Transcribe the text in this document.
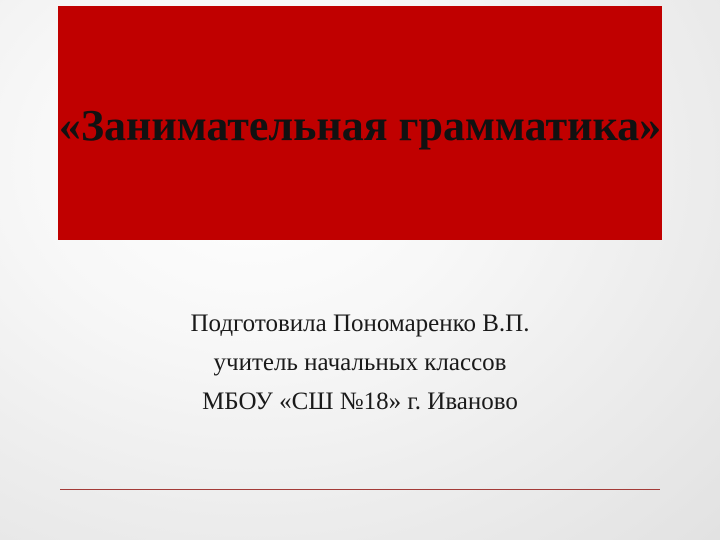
«Занимательная грамматика»
Подготовила Пономаренко В.П.
учитель начальных классов
МБОУ «СШ №18» г. Иваново
